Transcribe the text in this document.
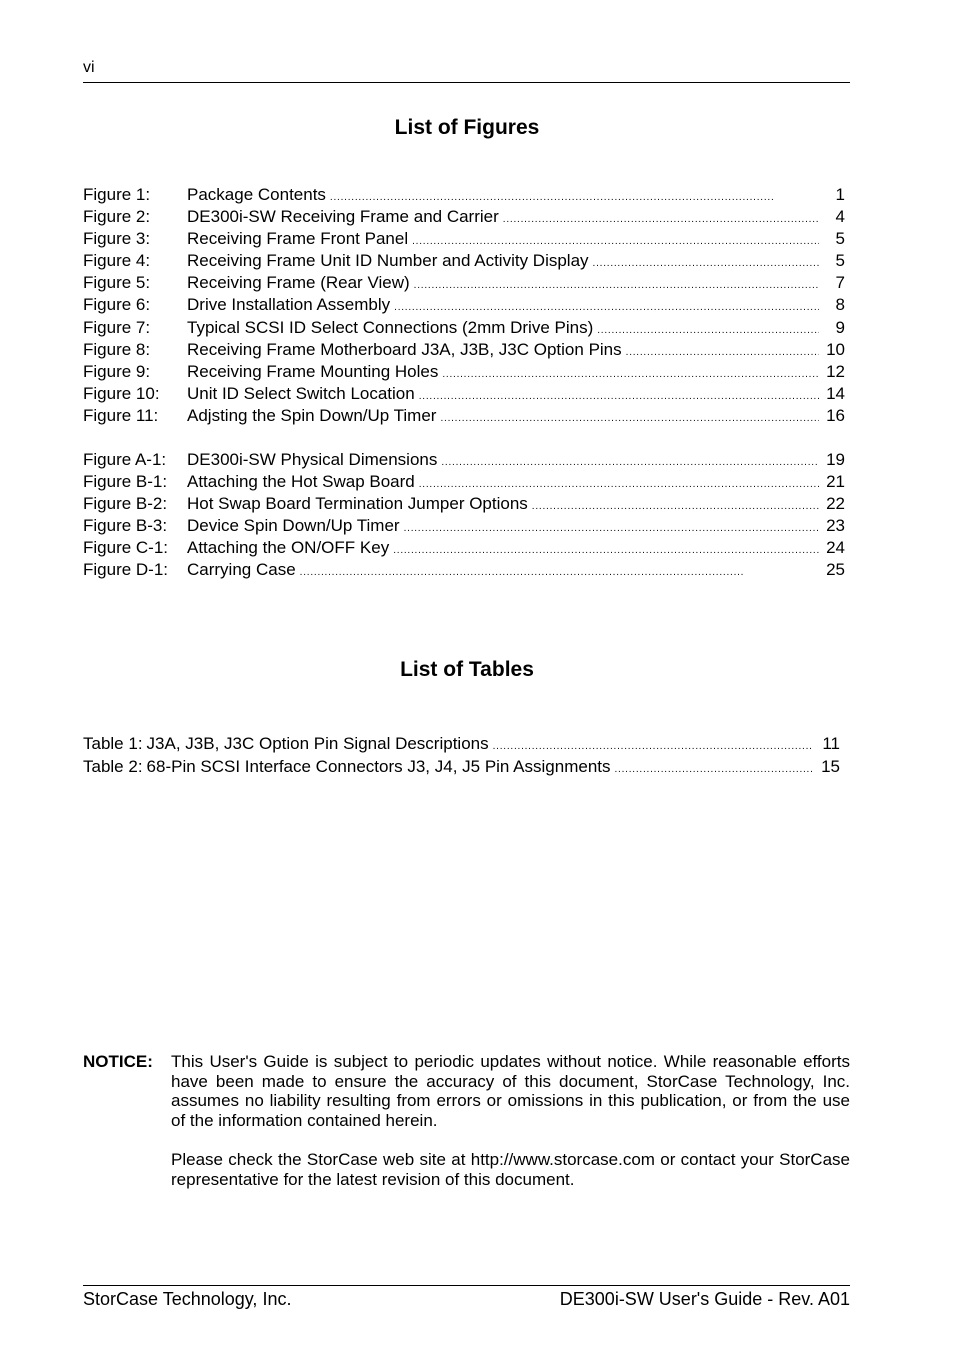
vi
List of Figures
Figure 1:	Package Contents . . .	1
Figure 2:	DE300i-SW Receiving Frame and Carrier . . .	4
Figure 3:	Receiving Frame Front Panel . . .	5
Figure 4:	Receiving Frame Unit ID Number and Activity Display . . .	5
Figure 5:	Receiving Frame (Rear View) . . .	7
Figure 6:	Drive Installation Assembly . . .	8
Figure 7:	Typical SCSI ID Select Connections (2mm Drive Pins) . . .	9
Figure 8:	Receiving Frame Motherboard J3A, J3B, J3C Option Pins . . .	10
Figure 9:	Receiving Frame Mounting Holes . . .	12
Figure 10:	Unit ID Select Switch Location . . .	14
Figure 11:	Adjsting the Spin Down/Up Timer . . .	16
Figure A-1:	DE300i-SW Physical Dimensions . . .	19
Figure B-1:	Attaching the Hot Swap Board . . .	21
Figure B-2:	Hot Swap Board Termination Jumper Options . . .	22
Figure B-3:	Device Spin Down/Up Timer . . .	23
Figure C-1:	Attaching the ON/OFF Key . . .	24
Figure D-1:	Carrying Case . . .	25
List of Tables
Table 1: J3A, J3B, J3C Option Pin Signal Descriptions . . .	11
Table 2: 68-Pin SCSI Interface Connectors J3, J4, J5 Pin Assignments . . .	15
NOTICE: This User's Guide is subject to periodic updates without notice. While reasonable efforts have been made to ensure the accuracy of this document, StorCase Technology, Inc. assumes no liability resulting from errors or omissions in this publication, or from the use of the information contained herein.

Please check the StorCase web site at http://www.storcase.com or contact your StorCase representative for the latest revision of this document.

StorCase Technology, Inc.	DE300i-SW User's Guide - Rev. A01
